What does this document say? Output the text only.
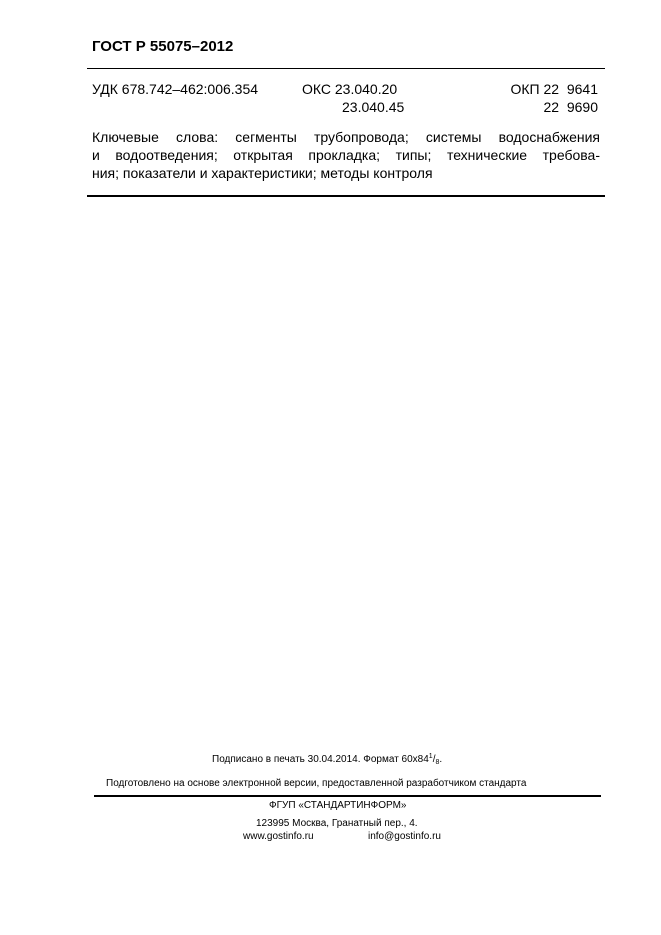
ГОСТ Р 55075–2012
УДК 678.742–462:006.354	ОКС 23.040.20
23.040.45
ОКП 22  9641
22  9690
Ключевые слова: сегменты трубопровода; системы водоснабжения
и водоотведения; открытая прокладка; типы; технические требова-
ния; показатели и характеристики; методы контроля
Подписано в печать 30.04.2014. Формат $60х84^1/_8$.
Подготовлено на основе электронной версии, предоставленной разработчиком стандарта
ФГУП «СТАНДАРТИНФОРМ»
123995 Москва, Гранатный пер., 4.
www.gostinfo.ru	info@gostinfo.ru
